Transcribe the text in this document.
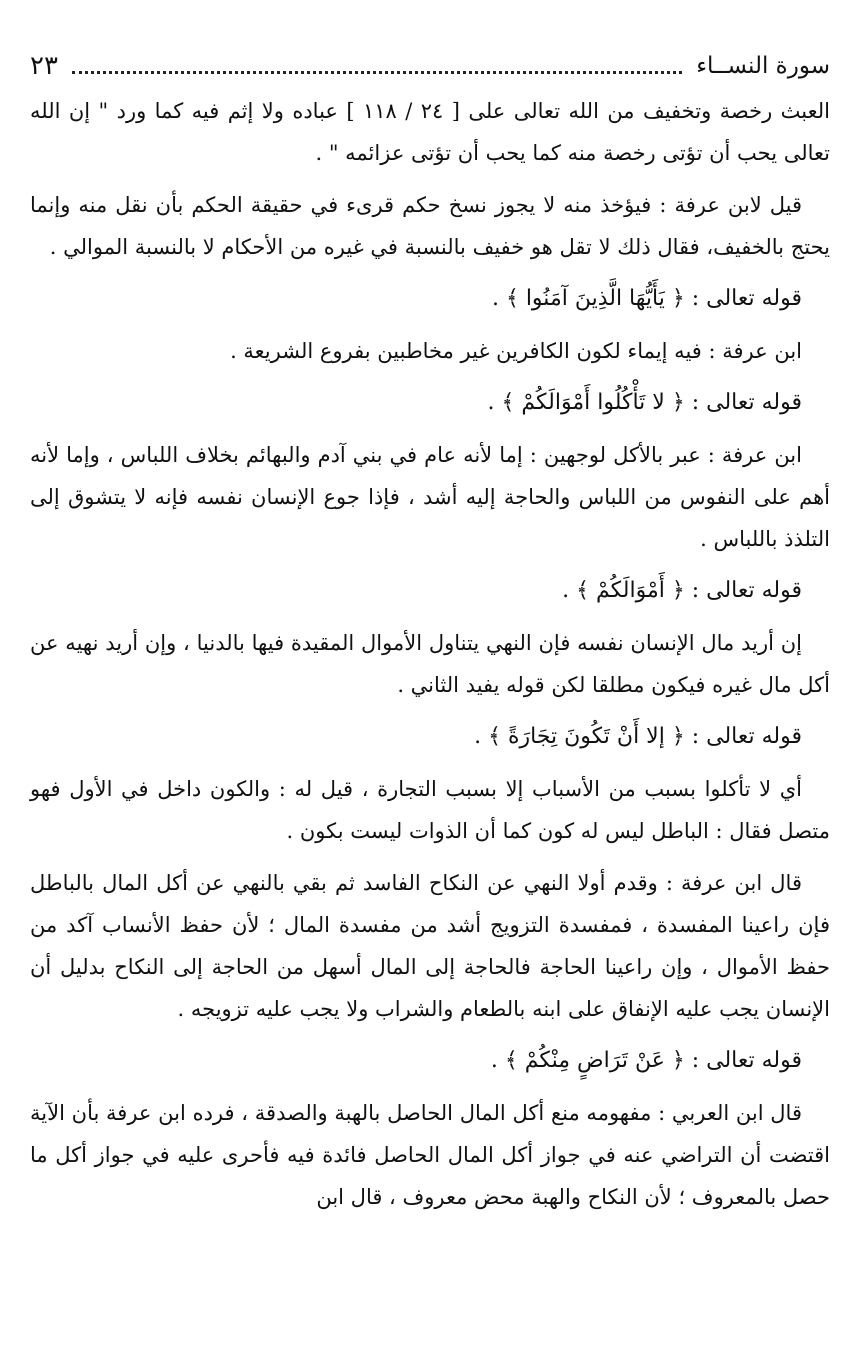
سورة النســاء
٢٣

العبث رخصة وتخفيف من الله تعالى على [ ٢٤ / ١١٨ ] عباده ولا إثم فيه كما ورد " إن الله تعالى يحب أن تؤتى رخصة منه كما يحب أن تؤتى عزائمه " .

قيل لابن عرفة : فيؤخذ منه لا يجوز نسخ حكم قرىء في حقيقة الحكم بأن نقل منه وإنما يحتج بالخفيف، فقال ذلك لا تقل هو خفيف بالنسبة في غيره من الأحكام لا بالنسبة الموالي .

قوله تعالى : ﴿ يَأَيُّهَا الَّذِينَ آمَنُوا ﴾ .

ابن عرفة : فيه إيماء لكون الكافرين غير مخاطبين بفروع الشريعة .

قوله تعالى : ﴿ لا تَأْكُلُوا أَمْوَالَكُمْ ﴾ .

ابن عرفة : عبر بالأكل لوجهين : إما لأنه عام في بني آدم والبهائم بخلاف اللباس ، وإما لأنه أهم على النفوس من اللباس والحاجة إليه أشد ، فإذا جوع الإنسان نفسه فإنه لا يتشوق إلى التلذذ باللباس .

قوله تعالى : ﴿ أَمْوَالَكُمْ ﴾ .

إن أريد مال الإنسان نفسه فإن النهي يتناول الأموال المقيدة فيها بالدنيا ، وإن أريد نهيه عن أكل مال غيره فيكون مطلقا لكن قوله يفيد الثاني .

قوله تعالى : ﴿ إلا أَنْ تَكُونَ تِجَارَةً ﴾ .

أي لا تأكلوا بسبب من الأسباب إلا بسبب التجارة ، قيل له : والكون داخل في الأول فهو متصل فقال : الباطل ليس له كون كما أن الذوات ليست بكون .

قال ابن عرفة : وقدم أولا النهي عن النكاح الفاسد ثم بقي بالنهي عن أكل المال بالباطل فإن راعينا المفسدة ، فمفسدة التزويج أشد من مفسدة المال ؛ لأن حفظ الأنساب آكد من حفظ الأموال ، وإن راعينا الحاجة فالحاجة إلى المال أسهل من الحاجة إلى النكاح بدليل أن الإنسان يجب عليه الإنفاق على ابنه بالطعام والشراب ولا يجب عليه تزويجه .

قوله تعالى : ﴿ عَنْ تَرَاضٍ مِنْكُمْ ﴾ .

قال ابن العربي : مفهومه منع أكل المال الحاصل بالهبة والصدقة ، فرده ابن عرفة بأن الآية اقتضت أن التراضي عنه في جواز أكل المال الحاصل فائدة فيه فأحرى عليه في جواز أكل ما حصل بالمعروف ؛ لأن النكاح والهبة محض معروف ، قال ابن
